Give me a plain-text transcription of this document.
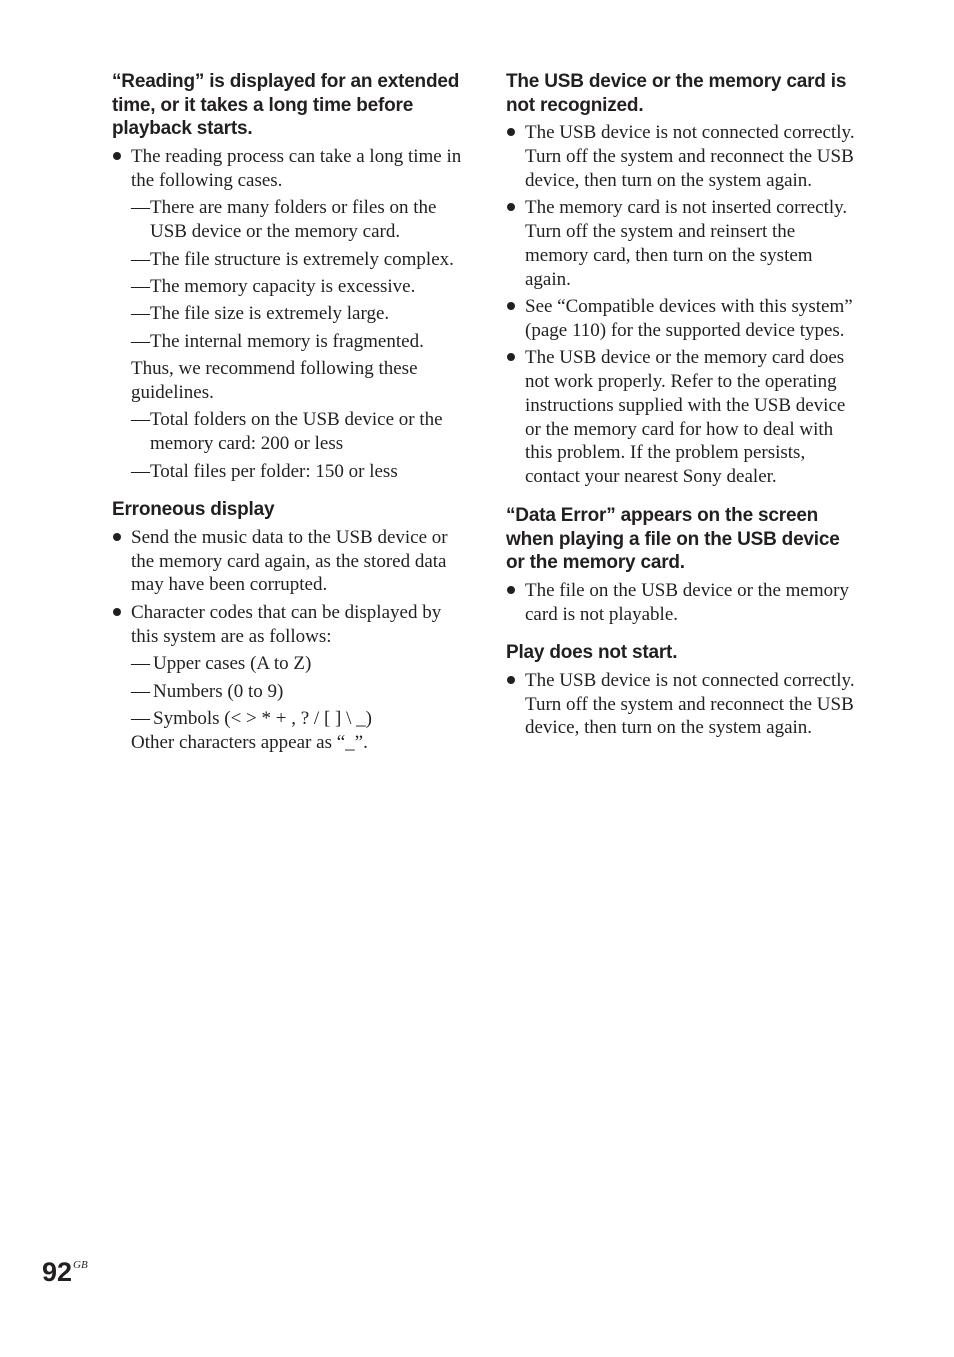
“Reading” is displayed for an extended time, or it takes a long time before playback starts.
The reading process can take a long time in the following cases.
— There are many folders or files on the USB device or the memory card.
— The file structure is extremely complex.
— The memory capacity is excessive.
— The file size is extremely large.
— The internal memory is fragmented.
Thus, we recommend following these guidelines.
— Total folders on the USB device or the memory card: 200 or less
— Total files per folder: 150 or less
Erroneous display
Send the music data to the USB device or the memory card again, as the stored data may have been corrupted.
Character codes that can be displayed by this system are as follows:
— Upper cases (A to Z)
— Numbers (0 to 9)
— Symbols (< > * + , ? / [ ] \ _)
Other characters appear as “_”.
The USB device or the memory card is not recognized.
The USB device is not connected correctly. Turn off the system and reconnect the USB device, then turn on the system again.
The memory card is not inserted correctly. Turn off the system and reinsert the memory card, then turn on the system again.
See “Compatible devices with this system” (page 110) for the supported device types.
The USB device or the memory card does not work properly. Refer to the operating instructions supplied with the USB device or the memory card for how to deal with this problem. If the problem persists, contact your nearest Sony dealer.
“Data Error” appears on the screen when playing a file on the USB device or the memory card.
The file on the USB device or the memory card is not playable.
Play does not start.
The USB device is not connected correctly. Turn off the system and reconnect the USB device, then turn on the system again.
$92^{GB}$
